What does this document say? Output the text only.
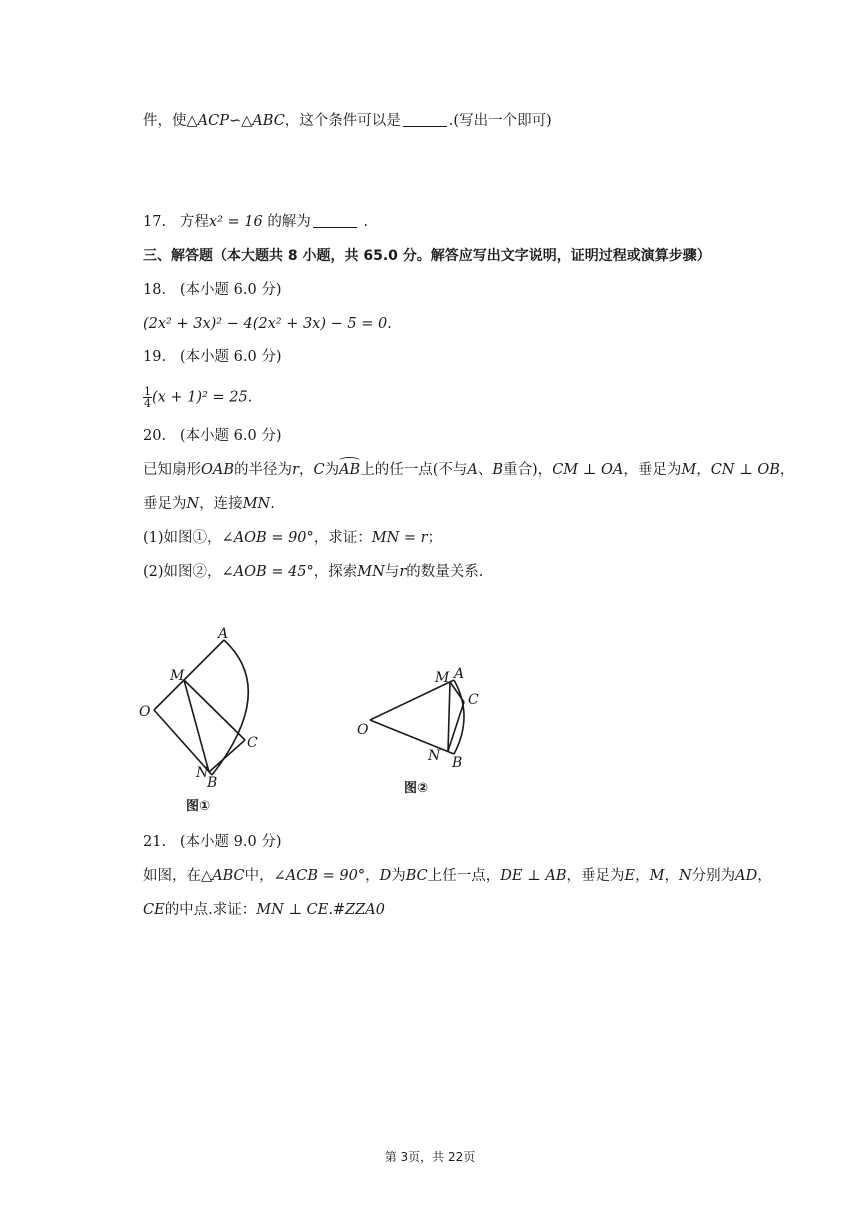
件，使△ACP∽△ABC，这个条件可以是	.(写出一个即可)
17. 方程x² = 16 的解为	.
三、解答题（本大题共 8 小题，共 65.0 分。解答应写出文字说明，证明过程或演算步骤）
18. (本小题 6.0 分)
(2x² + 3x)² − 4(2x² + 3x) − 5 = 0.
19. (本小题 6.0 分)
$\frac{1}{4} (x + 1)^2 = 25$.
20. (本小题 6.0 分)
已知扇形OAB的半径为r，C为AB上的任一点(不与A、B重合)，CM ⊥ OA，垂足为M，CN ⊥ OB，
垂足为N，连接MN.
(1)如图①，∠AOB = 90°，求证：MN = r；
(2)如图②，∠AOB = 45°，探索MN与r的数量关系.
A
M
O
C
N
B
图①
M A
C
O
N B
图②
21. (本小题 9.0 分)
如图，在△ABC中，∠ACB = 90°，D为BC上任一点，DE ⊥ AB，垂足为E，M，N分别为AD，
CE的中点.求证：MN ⊥ CE.#ZZA0
第 3页，共 22页
